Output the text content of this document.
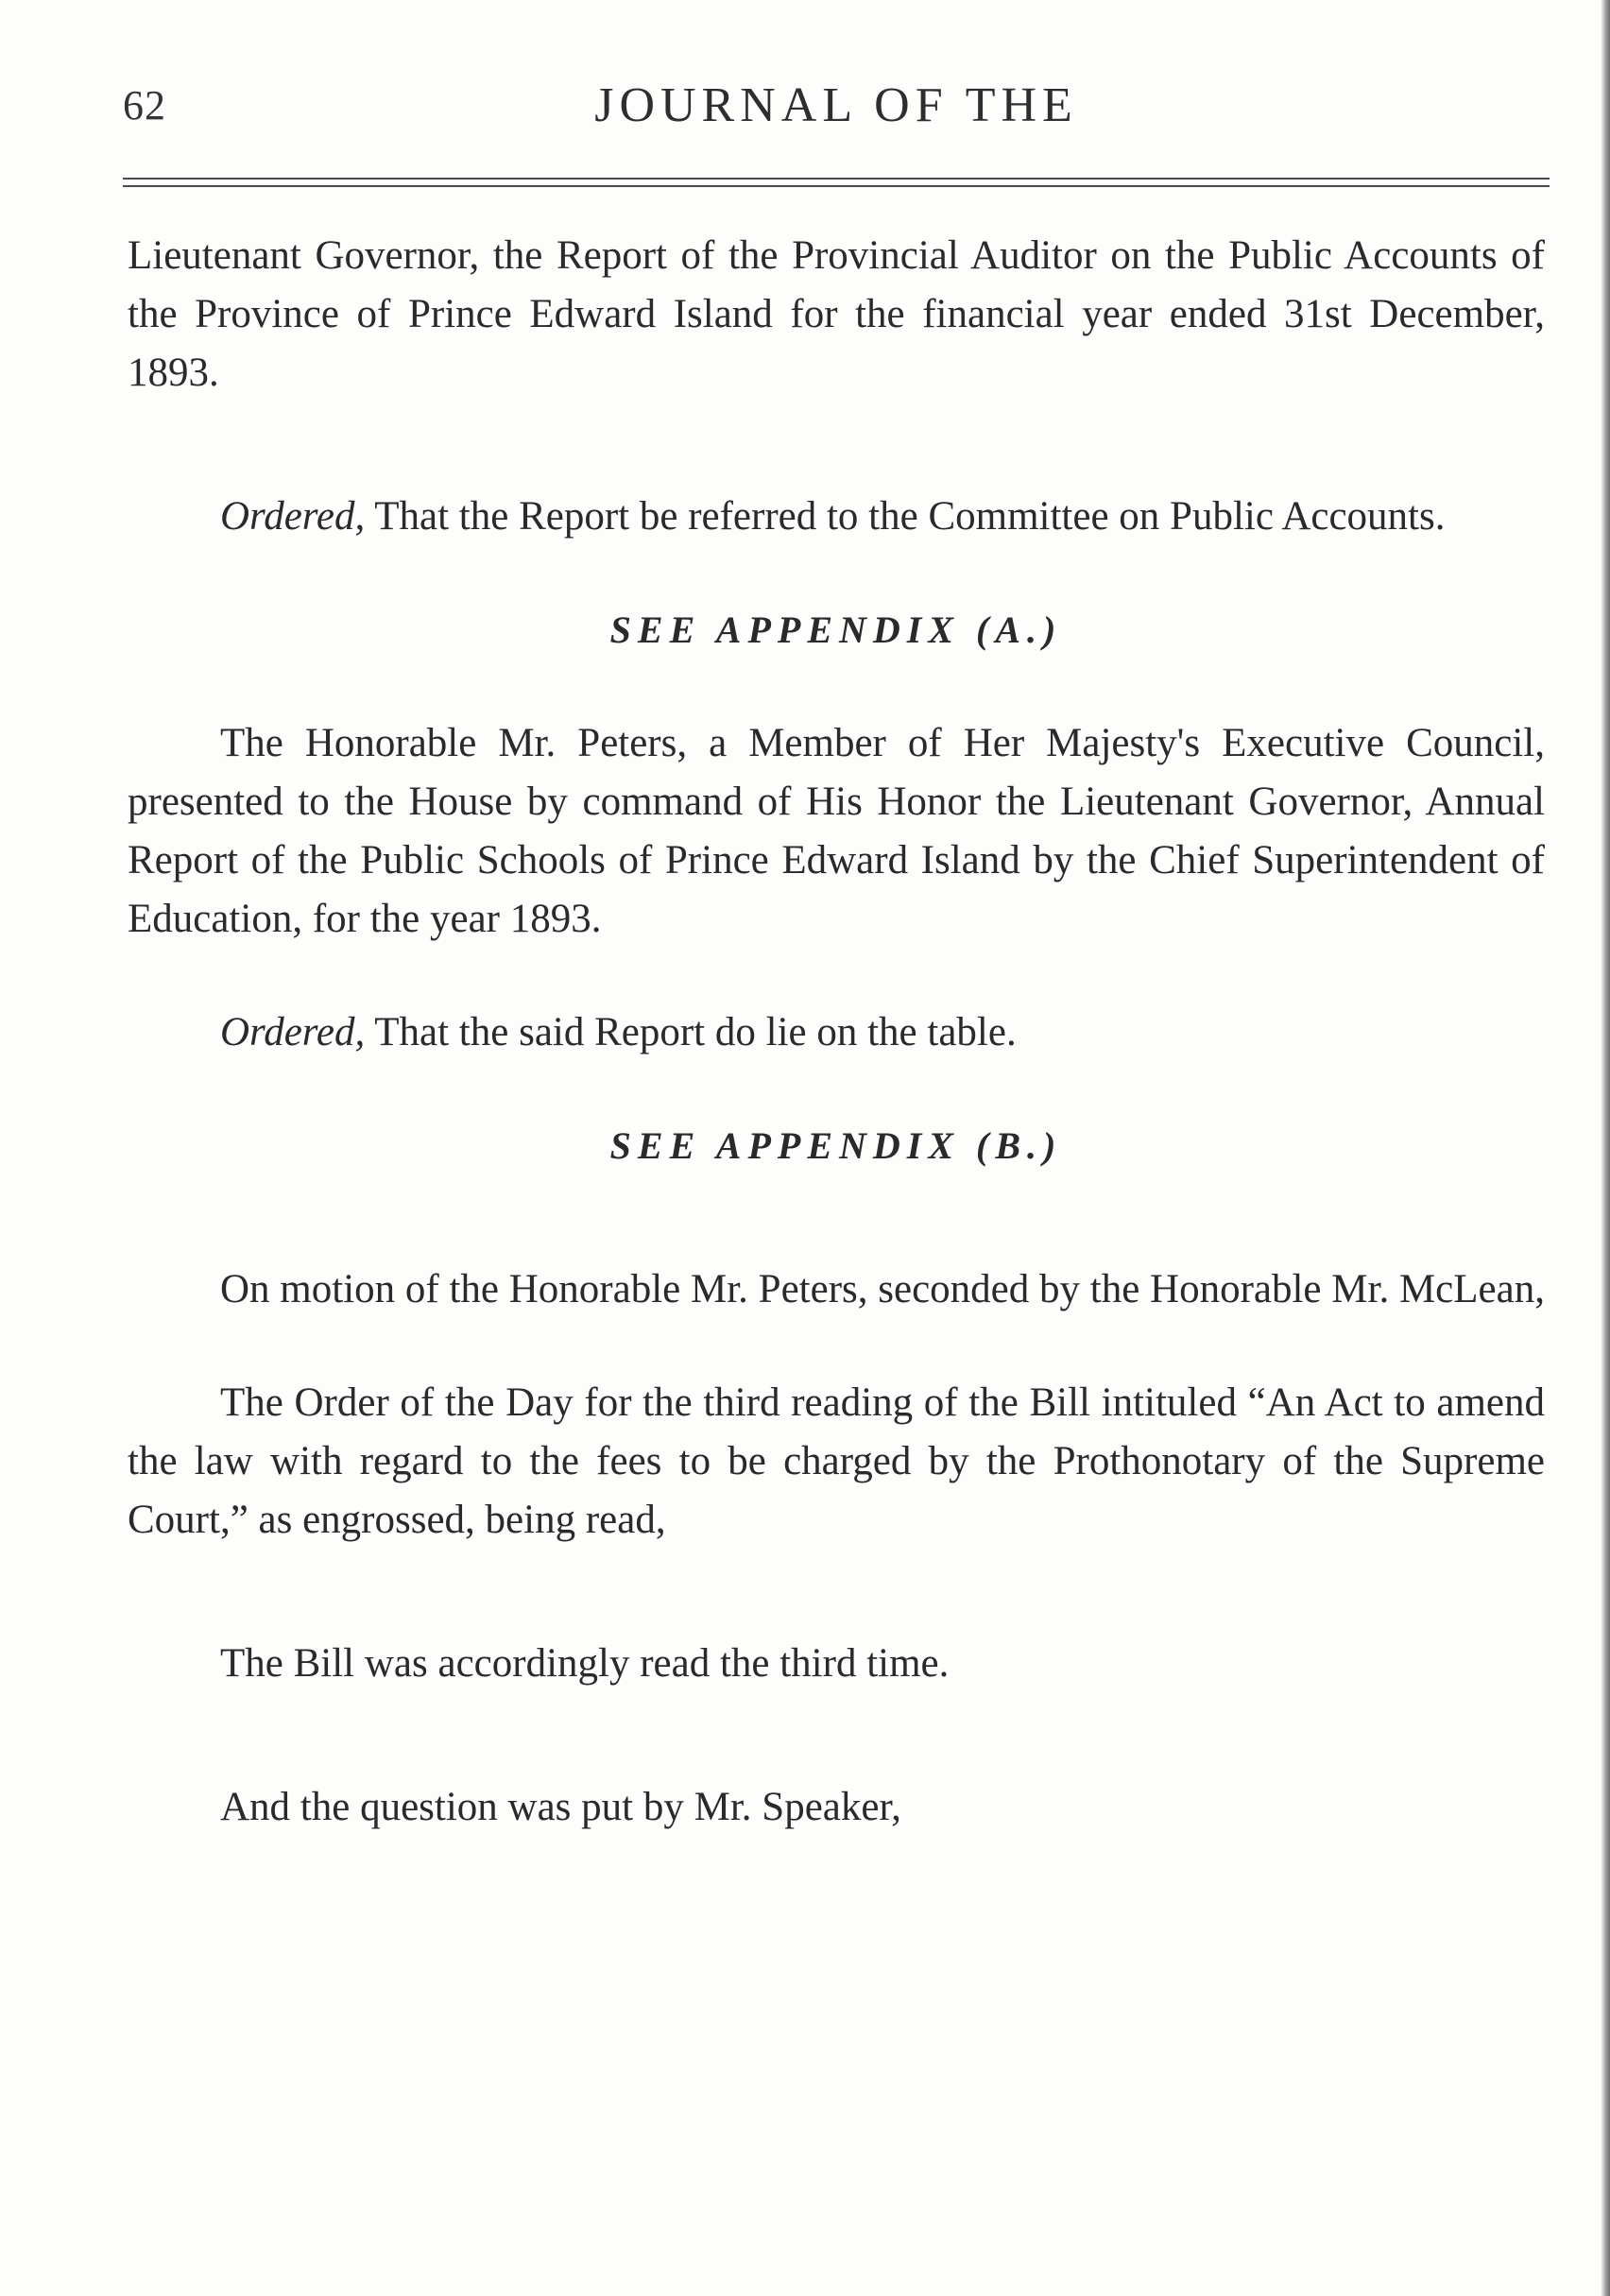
62	JOURNAL OF THE

Lieutenant Governor, the Report of the Provincial Auditor on the Public Accounts of the Province of Prince Edward Island for the financial year ended 31st December, 1893.

Ordered, That the Report be referred to the Committee on Public Accounts.

SEE APPENDIX (A.)

The Honorable Mr. Peters, a Member of Her Majesty's Executive Council, presented to the House by command of His Honor the Lieutenant Governor, Annual Report of the Public Schools of Prince Edward Island by the Chief Superintendent of Education, for the year 1893.

Ordered, That the said Report do lie on the table.

SEE APPENDIX (B.)

On motion of the Honorable Mr. Peters, seconded by the Honorable Mr. McLean,

The Order of the Day for the third reading of the Bill intituled “An Act to amend the law with regard to the fees to be charged by the Prothonotary of the Supreme Court,” as engrossed, being read,

The Bill was accordingly read the third time.

And the question was put by Mr. Speaker,
